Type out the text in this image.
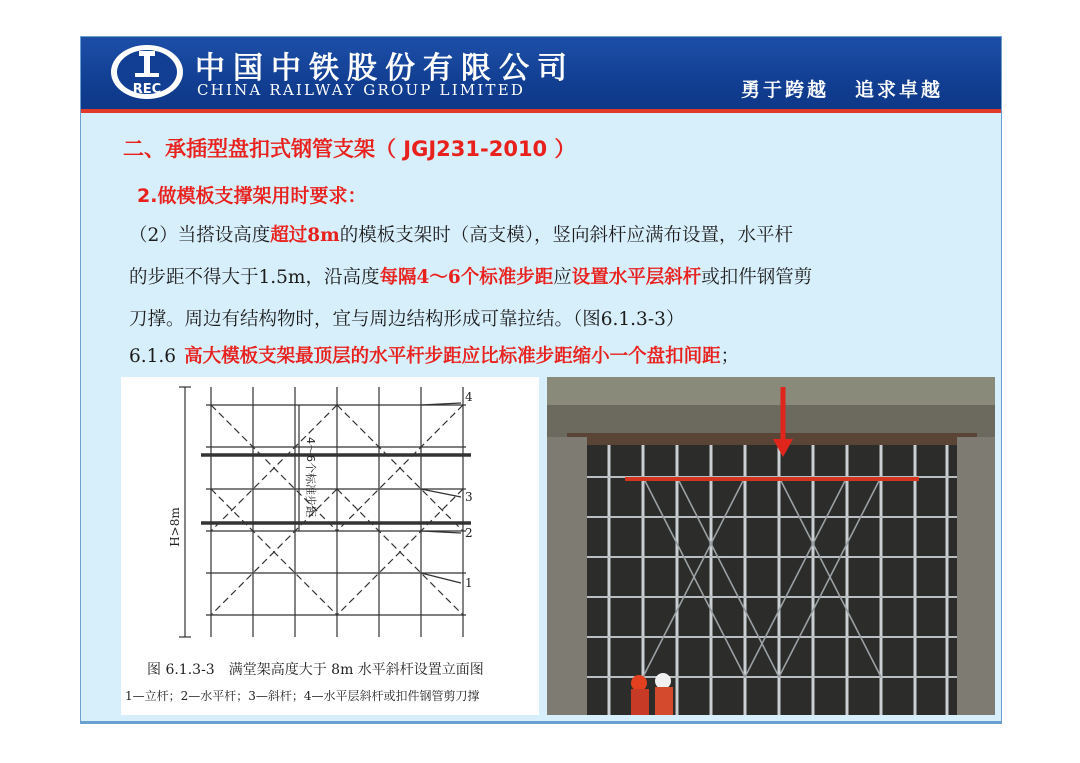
REC
中国中铁股份有限公司
CHINA RAILWAY GROUP LIMITED	勇于跨越 追求卓越
二、承插型盘扣式钢管支架（ JGJ231-2010 ）
2.做模板支撑架用时要求：
（2）当搭设高度超过8m的模板支架时（高支模），竖向斜杆应满布设置，水平杆
的步距不得大于1.5m，沿高度每隔4～6个标准步距应设置水平层斜杆或扣件钢管剪
刀撑。周边有结构物时，宜与周边结构形成可靠拉结。（图6.1.3-3）
6.1.6 高大模板支架最顶层的水平杆步距应比标准步距缩小一个盘扣间距；
H>8m
4～6个标准步距
4
3
2
1
图 6.1.3-3　满堂架高度大于 8m 水平斜杆设置立面图
1—立杆；2—水平杆；3—斜杆；4—水平层斜杆或扣件钢管剪刀撑
